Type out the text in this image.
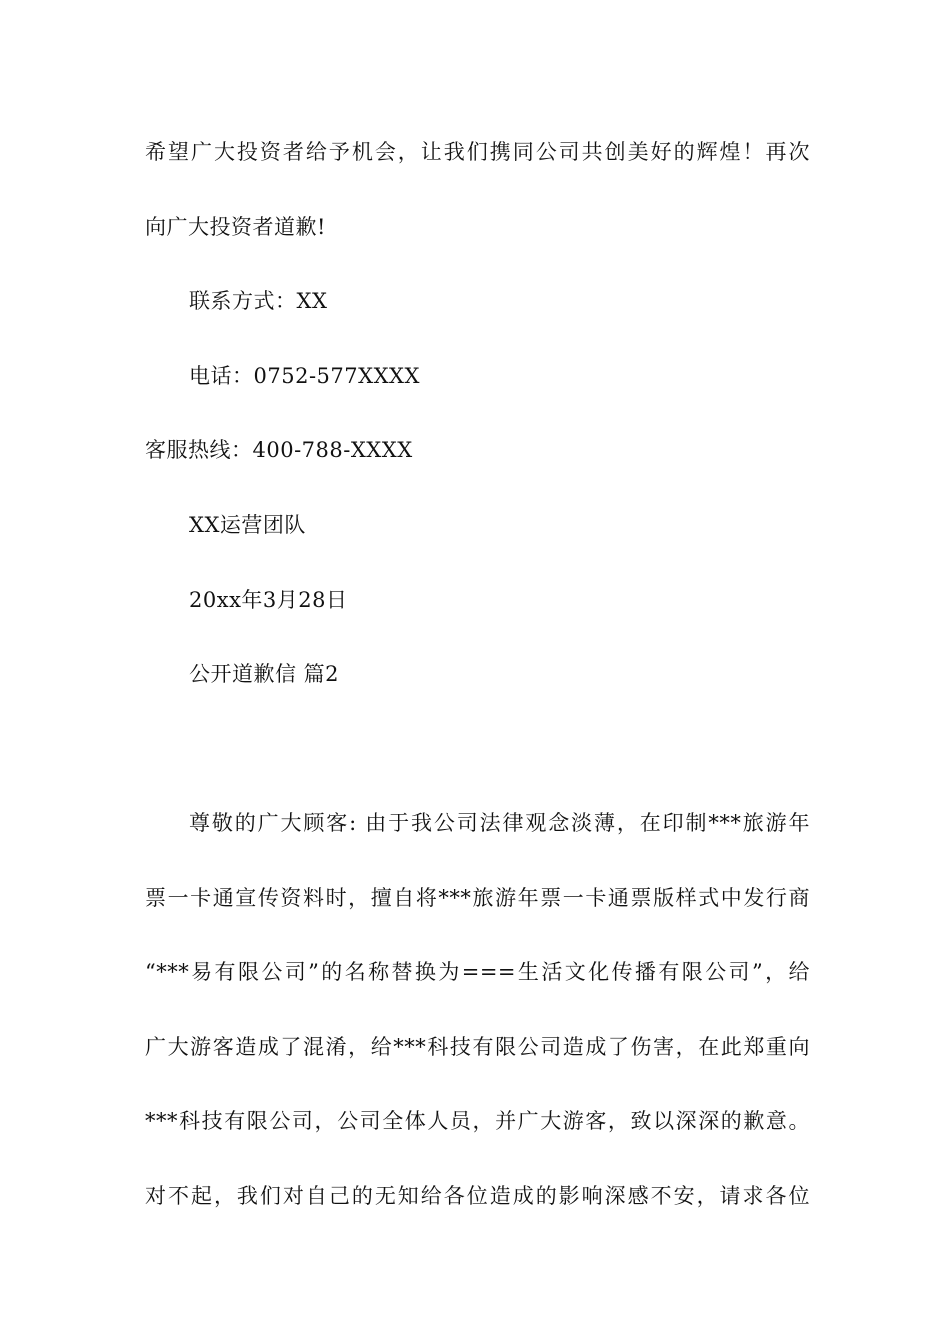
希望广大投资者给予机会，让我们携同公司共创美好的辉煌！再次
向广大投资者道歉!
联系方式：XX
电话：0752-577XXXX
客服热线：400-788-XXXX
XX运营团队
20xx年3月28日
公开道歉信 篇2
尊敬的广大顾客: 由于我公司法律观念淡薄，在印制***旅游年
票一卡通宣传资料时，擅自将***旅游年票一卡通票版样式中发行商
“***易有限公司”的名称替换为===生活文化传播有限公司”，给
广大游客造成了混淆，给***科技有限公司造成了伤害，在此郑重向
***科技有限公司，公司全体人员，并广大游客，致以深深的歉意。
对不起，我们对自己的无知给各位造成的影响深感不安，请求各位
